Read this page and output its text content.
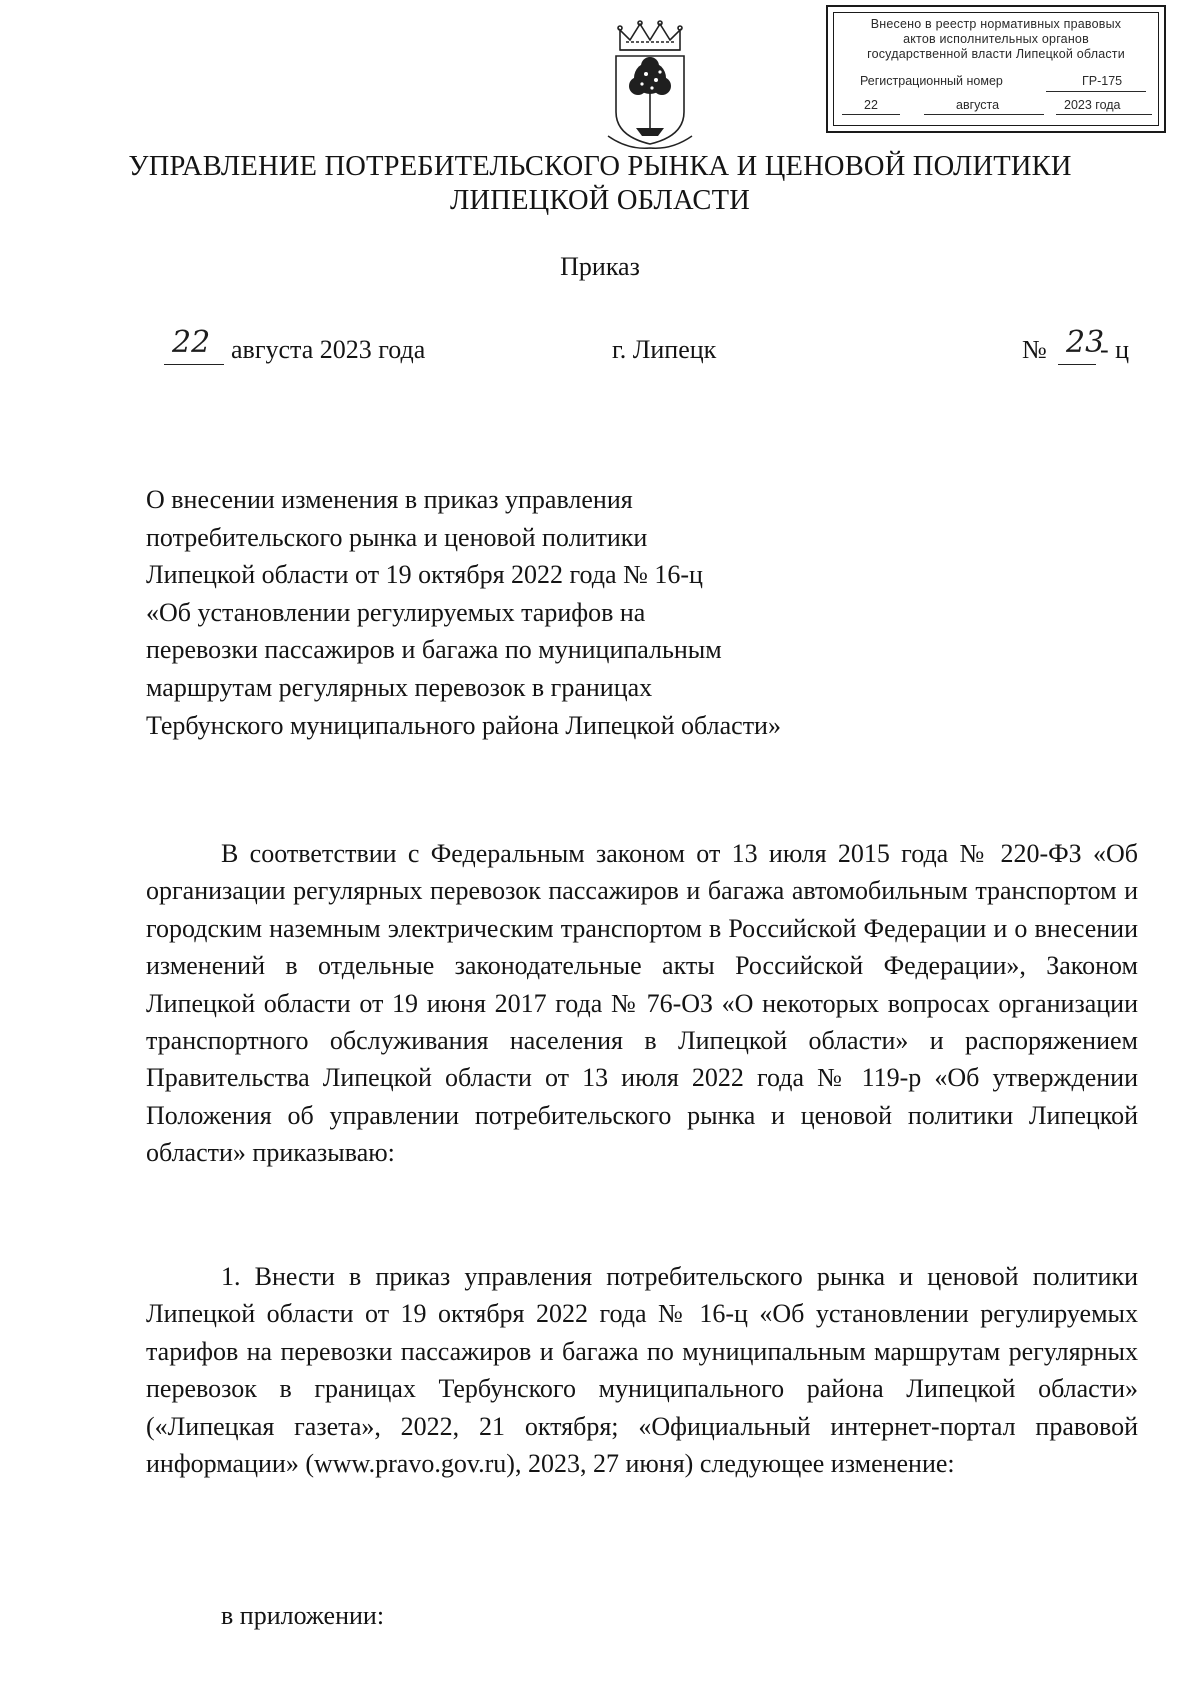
Внесено в реестр нормативных правовых
актов исполнительных органов
государственной власти Липецкой области
Регистрационный номер	ГР-175
22	августа	2023 года
УПРАВЛЕНИЕ ПОТРЕБИТЕЛЬСКОГО РЫНКА И ЦЕНОВОЙ ПОЛИТИКИ
ЛИПЕЦКОЙ ОБЛАСТИ
Приказ
22 августа 2023 года	г. Липецк	№ 23
- ц
О внесении изменения в приказ управления
потребительского рынка и ценовой политики
Липецкой области от 19 октября 2022 года № 16-ц
«Об установлении регулируемых тарифов на
перевозки пассажиров и багажа по муниципальным
маршрутам регулярных перевозок в границах
Тербунского муниципального района Липецкой области»
В соответствии с Федеральным законом от 13 июля 2015 года № 220-ФЗ «Об организации регулярных перевозок пассажиров и багажа автомобильным транспортом и городским наземным электрическим транспортом в Российской Федерации и о внесении изменений в отдельные законодательные акты Российской Федерации», Законом Липецкой области от 19 июня 2017 года № 76-ОЗ «О некоторых вопросах организации транспортного обслуживания населения в Липецкой области» и распоряжением Правительства Липецкой области от 13 июля 2022 года № 119-р «Об утверждении Положения об управлении потребительского рынка и ценовой политики Липецкой области» приказываю:
1. Внести в приказ управления потребительского рынка и ценовой политики Липецкой области от 19 октября 2022 года № 16-ц «Об установлении регулируемых тарифов на перевозки пассажиров и багажа по муниципальным маршрутам регулярных перевозок в границах Тербунского муниципального района Липецкой области» («Липецкая газета», 2022, 21 октября; «Официальный интернет-портал правовой информации» (www.pravo.gov.ru), 2023, 27 июня) следующее изменение:
в приложении:
